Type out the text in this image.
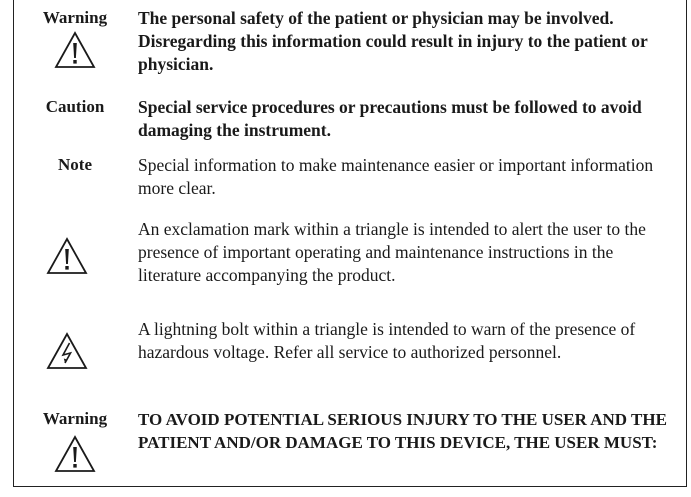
Warning	The personal safety of the patient or physician may be involved. Disregarding this information could result in injury to the patient or physician.
Caution	Special service procedures or precautions must be followed to avoid damaging the instrument.
Note	Special information to make maintenance easier or important information more clear.
An exclamation mark within a triangle is intended to alert the user to the presence of important operating and maintenance instructions in the literature accompanying the product.
A lightning bolt within a triangle is intended to warn of the presence of hazardous voltage. Refer all service to authorized personnel.
Warning	TO AVOID POTENTIAL SERIOUS INJURY TO THE USER AND THE PATIENT AND/OR DAMAGE TO THIS DEVICE, THE USER MUST:
